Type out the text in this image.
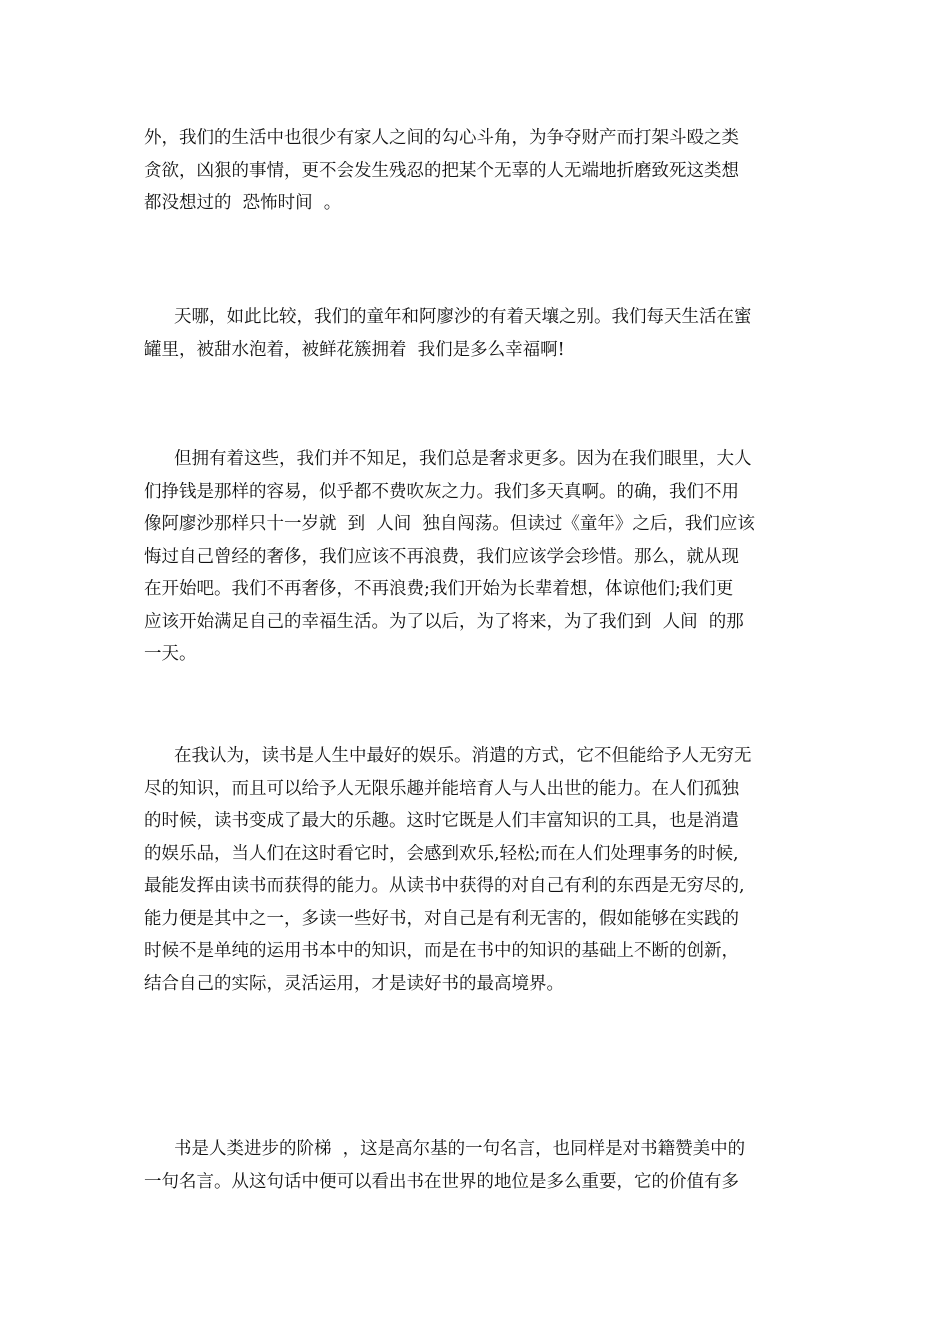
外，我们的生活中也很少有家人之间的勾心斗角，为争夺财产而打架斗殴之类
贪欲，凶狠的事情，更不会发生残忍的把某个无辜的人无端地折磨致死这类想
都没想过的  恐怖时间  。

天哪，如此比较，我们的童年和阿廖沙的有着天壤之别。我们每天生活在蜜
罐里，被甜水泡着，被鲜花簇拥着  我们是多么幸福啊!

但拥有着这些，我们并不知足，我们总是奢求更多。因为在我们眼里，大人
们挣钱是那样的容易，似乎都不费吹灰之力。我们多天真啊。的确，我们不用
像阿廖沙那样只十一岁就  到  人间  独自闯荡。但读过《童年》之后，我们应该
悔过自己曾经的奢侈，我们应该不再浪费，我们应该学会珍惜。那么，就从现
在开始吧。我们不再奢侈，不再浪费;我们开始为长辈着想，体谅他们;我们更
应该开始满足自己的幸福生活。为了以后，为了将来，为了我们到  人间  的那
一天。

在我认为，读书是人生中最好的娱乐。消遣的方式，它不但能给予人无穷无
尽的知识，而且可以给予人无限乐趣并能培育人与人出世的能力。在人们孤独
的时候，读书变成了最大的乐趣。这时它既是人们丰富知识的工具，也是消遣
的娱乐品，当人们在这时看它时，会感到欢乐,轻松;而在人们处理事务的时候,
最能发挥由读书而获得的能力。从读书中获得的对自己有利的东西是无穷尽的,
能力便是其中之一，多读一些好书，对自己是有利无害的，假如能够在实践的
时候不是单纯的运用书本中的知识，而是在书中的知识的基础上不断的创新，
结合自己的实际，灵活运用，才是读好书的最高境界。

书是人类进步的阶梯  ，这是高尔基的一句名言，也同样是对书籍赞美中的
一句名言。从这句话中便可以看出书在世界的地位是多么重要，它的价值有多
